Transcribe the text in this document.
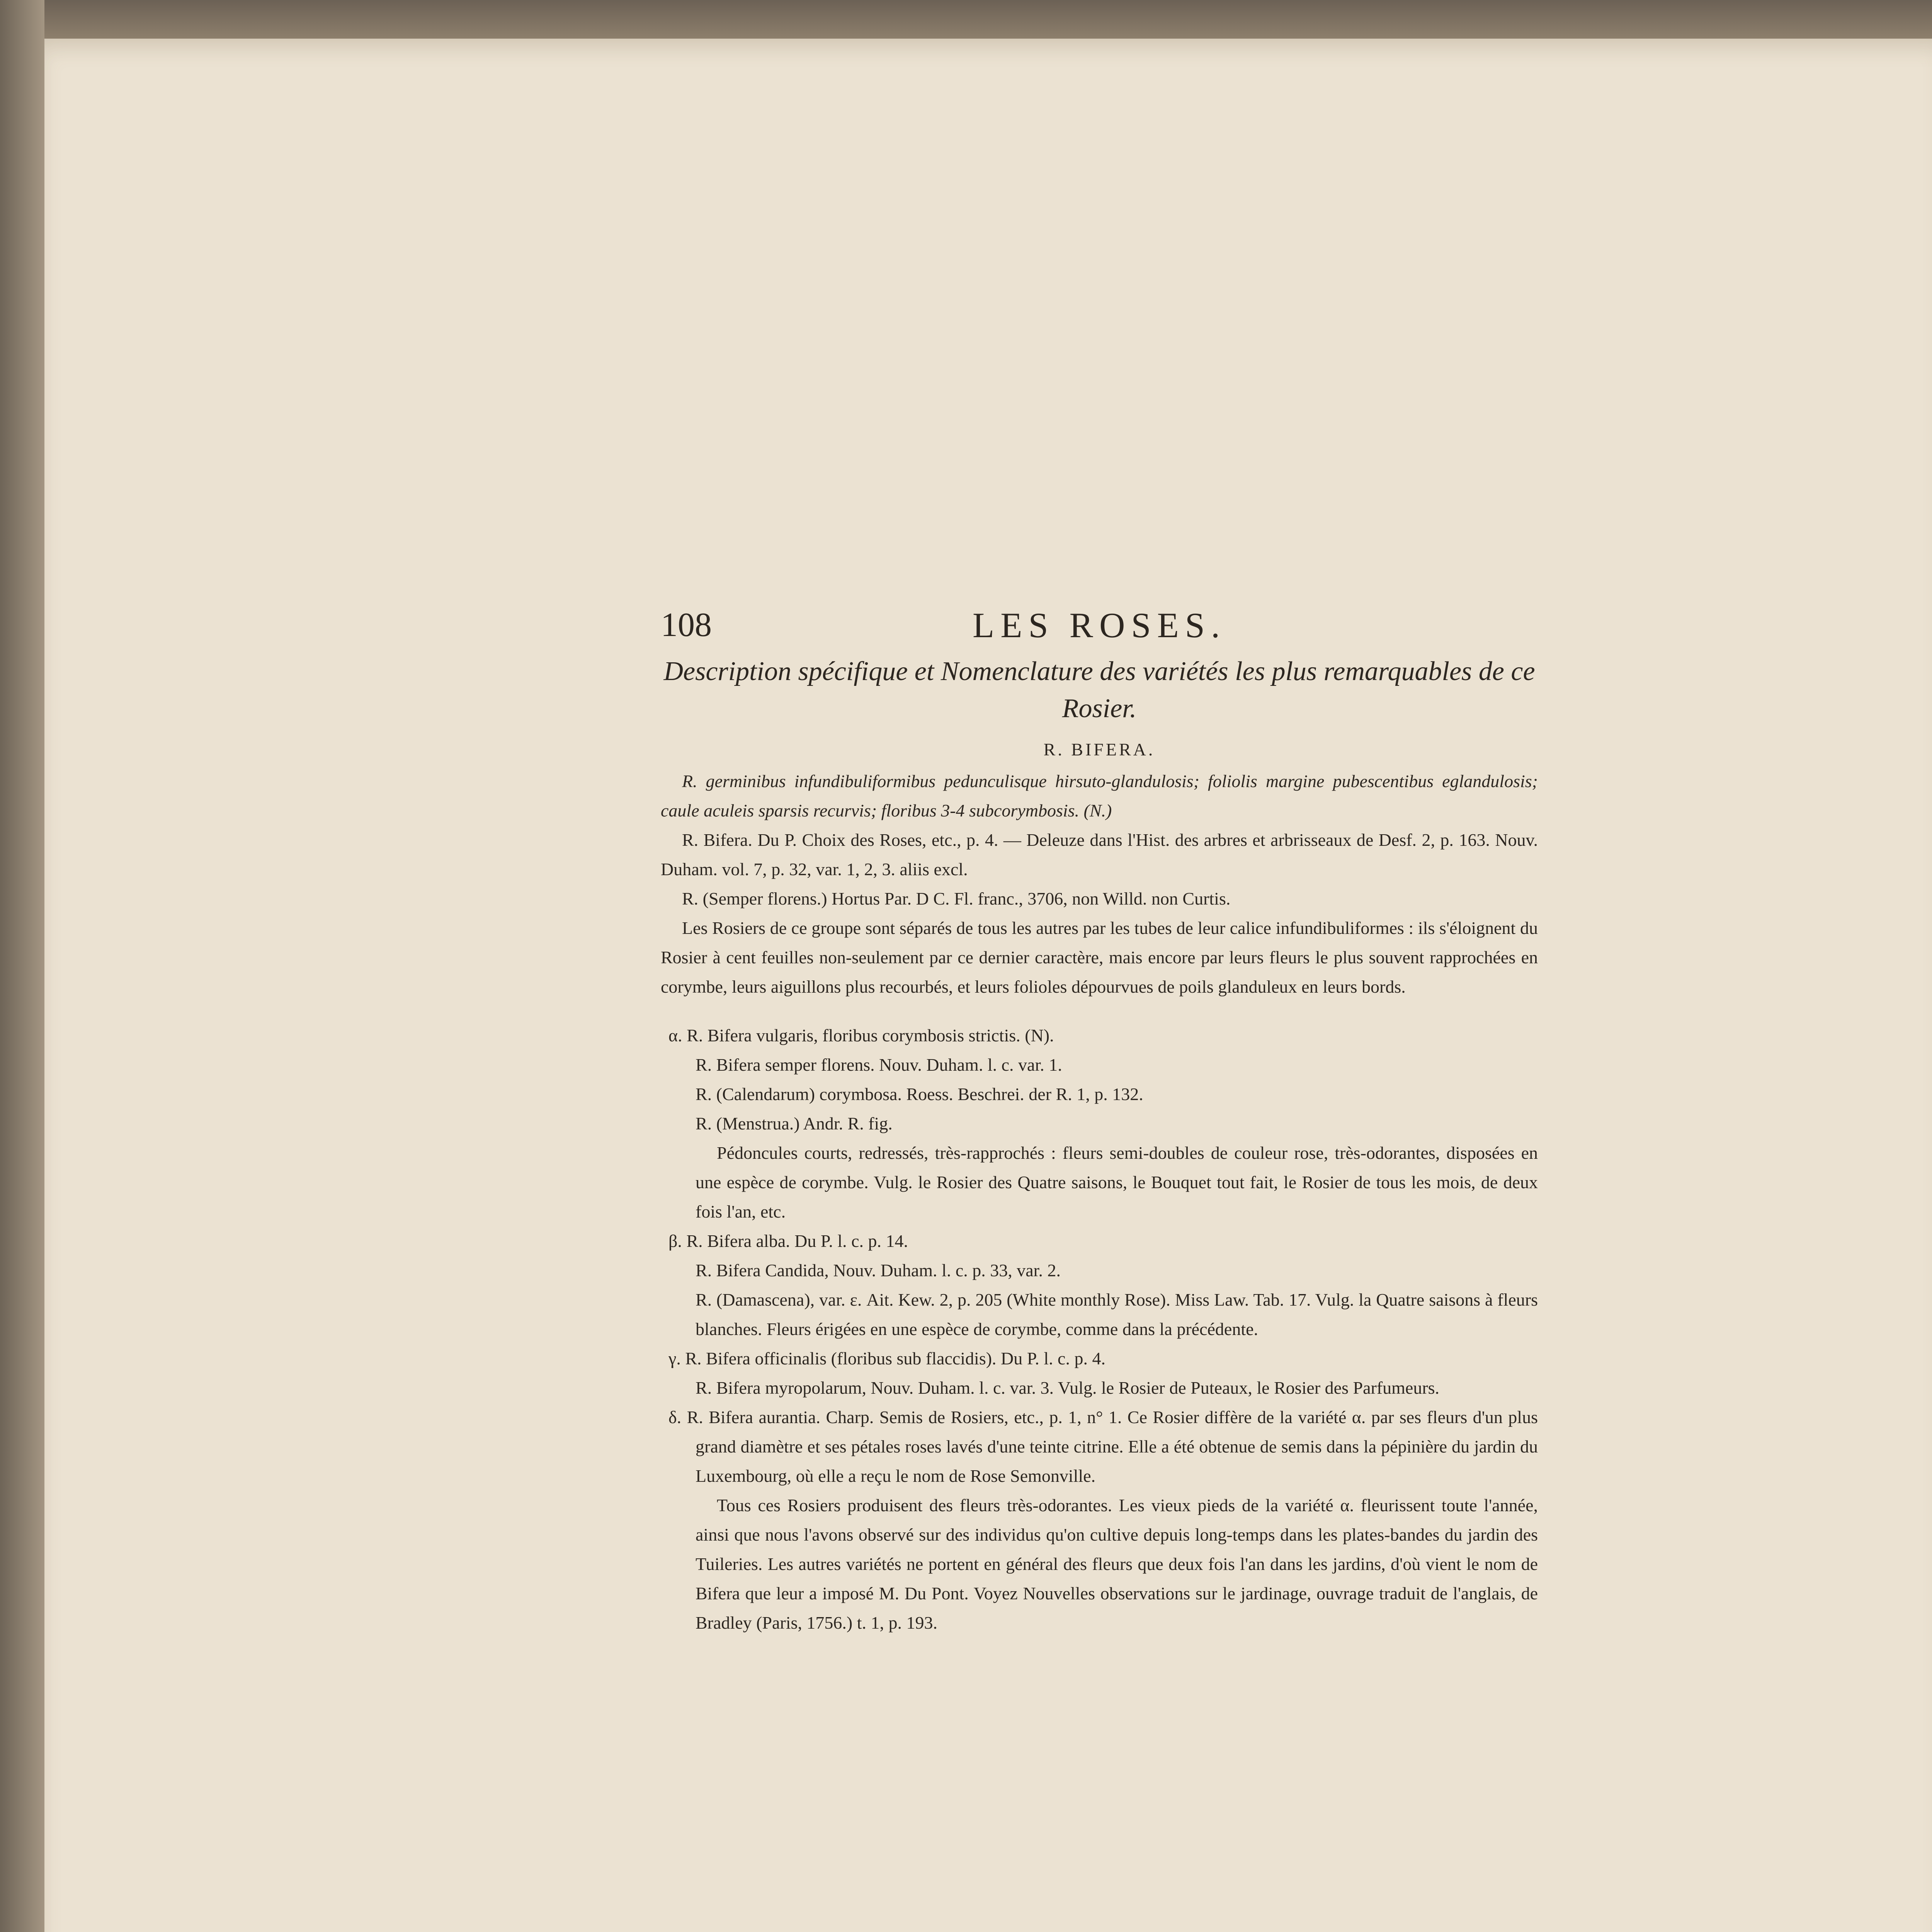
108	LES ROSES.
Description spécifique et Nomenclature des variétés les plus remarquables de ce Rosier.
R. BIFERA.

R. germinibus infundibuliformibus pedunculisque hirsuto-glandulosis; foliolis margine pubescentibus eglandulosis; caule aculeis sparsis recurvis; floribus 3-4 subcorymbosis. (N.)

R. Bifera. Du P. Choix des Roses, etc., p. 4. — Deleuze dans l'Hist. des arbres et arbrisseaux de Desf. 2, p. 163. Nouv. Duham. vol. 7, p. 32, var. 1, 2, 3. aliis excl.

R. (Semper florens.) Hortus Par. D C. Fl. franc., 3706, non Willd. non Curtis.

Les Rosiers de ce groupe sont séparés de tous les autres par les tubes de leur calice infundibuliformes : ils s'éloignent du Rosier à cent feuilles non-seulement par ce dernier caractère, mais encore par leurs fleurs le plus souvent rapprochées en corymbe, leurs aiguillons plus recourbés, et leurs folioles dépourvues de poils glanduleux en leurs bords.

α. R. Bifera vulgaris, floribus corymbosis strictis. (N).

R. Bifera semper florens. Nouv. Duham. l. c. var. 1.

R. (Calendarum) corymbosa. Roess. Beschrei. der R. 1, p. 132.

R. (Menstrua.) Andr. R. fig.

Pédoncules courts, redressés, très-rapprochés : fleurs semi-doubles de couleur rose, très-odorantes, disposées en une espèce de corymbe. Vulg. le Rosier des Quatre saisons, le Bouquet tout fait, le Rosier de tous les mois, de deux fois l'an, etc.

β. R. Bifera alba. Du P. l. c. p. 14.

R. Bifera Candida, Nouv. Duham. l. c. p. 33, var. 2.

R. (Damascena), var. ε. Ait. Kew. 2, p. 205 (White monthly Rose). Miss Law. Tab. 17. Vulg. la Quatre saisons à fleurs blanches. Fleurs érigées en une espèce de corymbe, comme dans la précédente.

γ. R. Bifera officinalis (floribus sub flaccidis). Du P. l. c. p. 4.

R. Bifera myropolarum, Nouv. Duham. l. c. var. 3. Vulg. le Rosier de Puteaux, le Rosier des Parfumeurs.

δ. R. Bifera aurantia. Charp. Semis de Rosiers, etc., p. 1, n° 1. Ce Rosier diffère de la variété α. par ses fleurs d'un plus grand diamètre et ses pétales roses lavés d'une teinte citrine. Elle a été obtenue de semis dans la pépinière du jardin du Luxembourg, où elle a reçu le nom de Rose Semonville.

Tous ces Rosiers produisent des fleurs très-odorantes. Les vieux pieds de la variété α. fleurissent toute l'année, ainsi que nous l'avons observé sur des individus qu'on cultive depuis long-temps dans les plates-bandes du jardin des Tuileries. Les autres variétés ne portent en général des fleurs que deux fois l'an dans les jardins, d'où vient le nom de Bifera que leur a imposé M. Du Pont. Voyez Nouvelles observations sur le jardinage, ouvrage traduit de l'anglais, de Bradley (Paris, 1756.) t. 1, p. 193.
